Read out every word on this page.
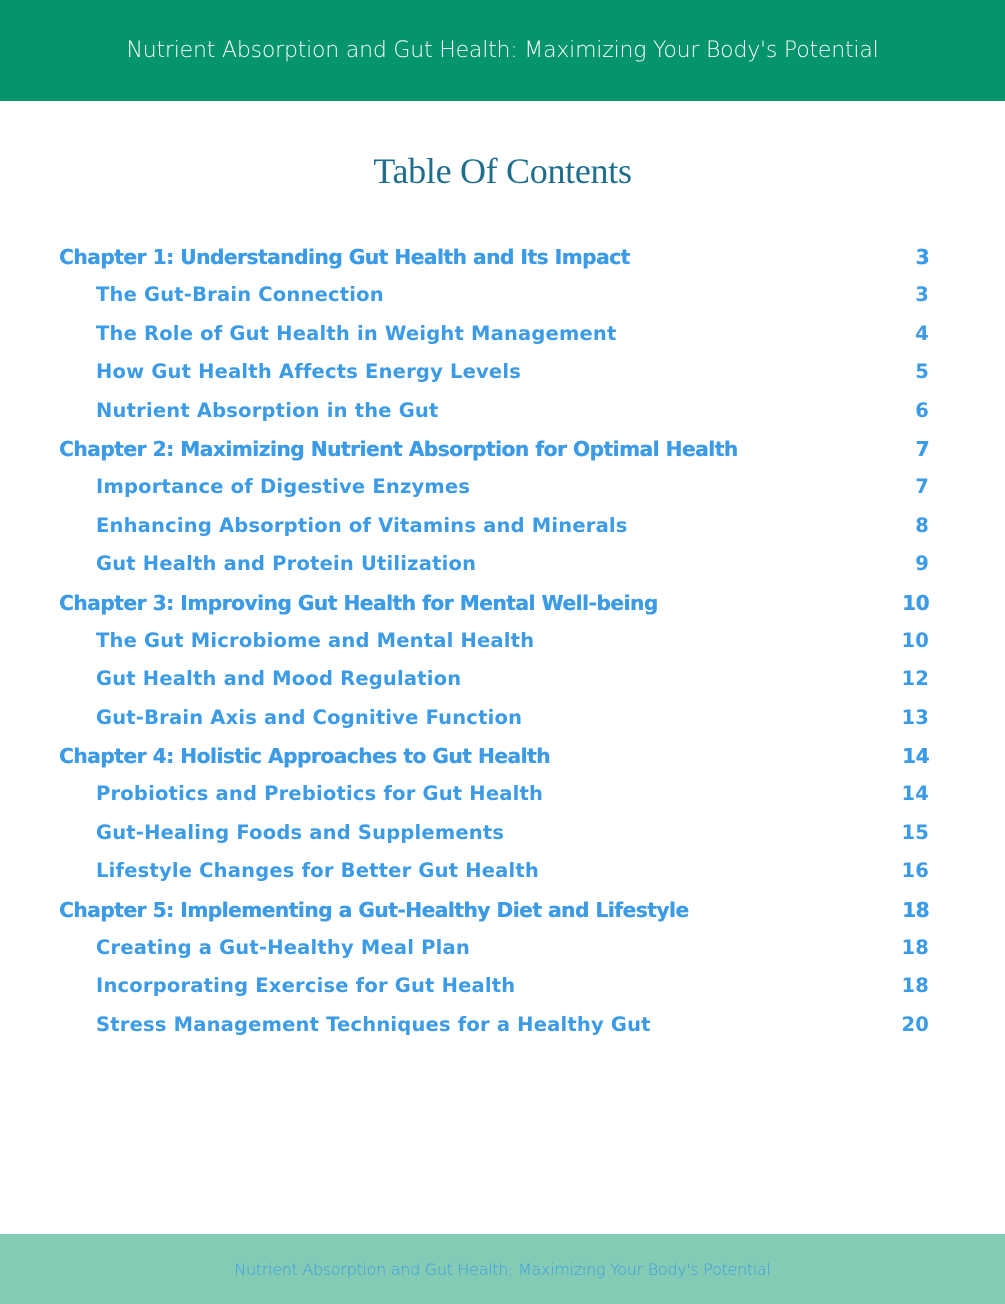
Nutrient Absorption and Gut Health: Maximizing Your Body's Potential
Table Of Contents
Chapter 1: Understanding Gut Health and Its Impact	3
The Gut-Brain Connection	3
The Role of Gut Health in Weight Management	4
How Gut Health Affects Energy Levels	5
Nutrient Absorption in the Gut	6
Chapter 2: Maximizing Nutrient Absorption for Optimal Health	7
Importance of Digestive Enzymes	7
Enhancing Absorption of Vitamins and Minerals	8
Gut Health and Protein Utilization	9
Chapter 3: Improving Gut Health for Mental Well-being	10
The Gut Microbiome and Mental Health	10
Gut Health and Mood Regulation	12
Gut-Brain Axis and Cognitive Function	13
Chapter 4: Holistic Approaches to Gut Health	14
Probiotics and Prebiotics for Gut Health	14
Gut-Healing Foods and Supplements	15
Lifestyle Changes for Better Gut Health	16
Chapter 5: Implementing a Gut-Healthy Diet and Lifestyle	18
Creating a Gut-Healthy Meal Plan	18
Incorporating Exercise for Gut Health	18
Stress Management Techniques for a Healthy Gut	20
Nutrient Absorption and Gut Health: Maximizing Your Body's Potential
